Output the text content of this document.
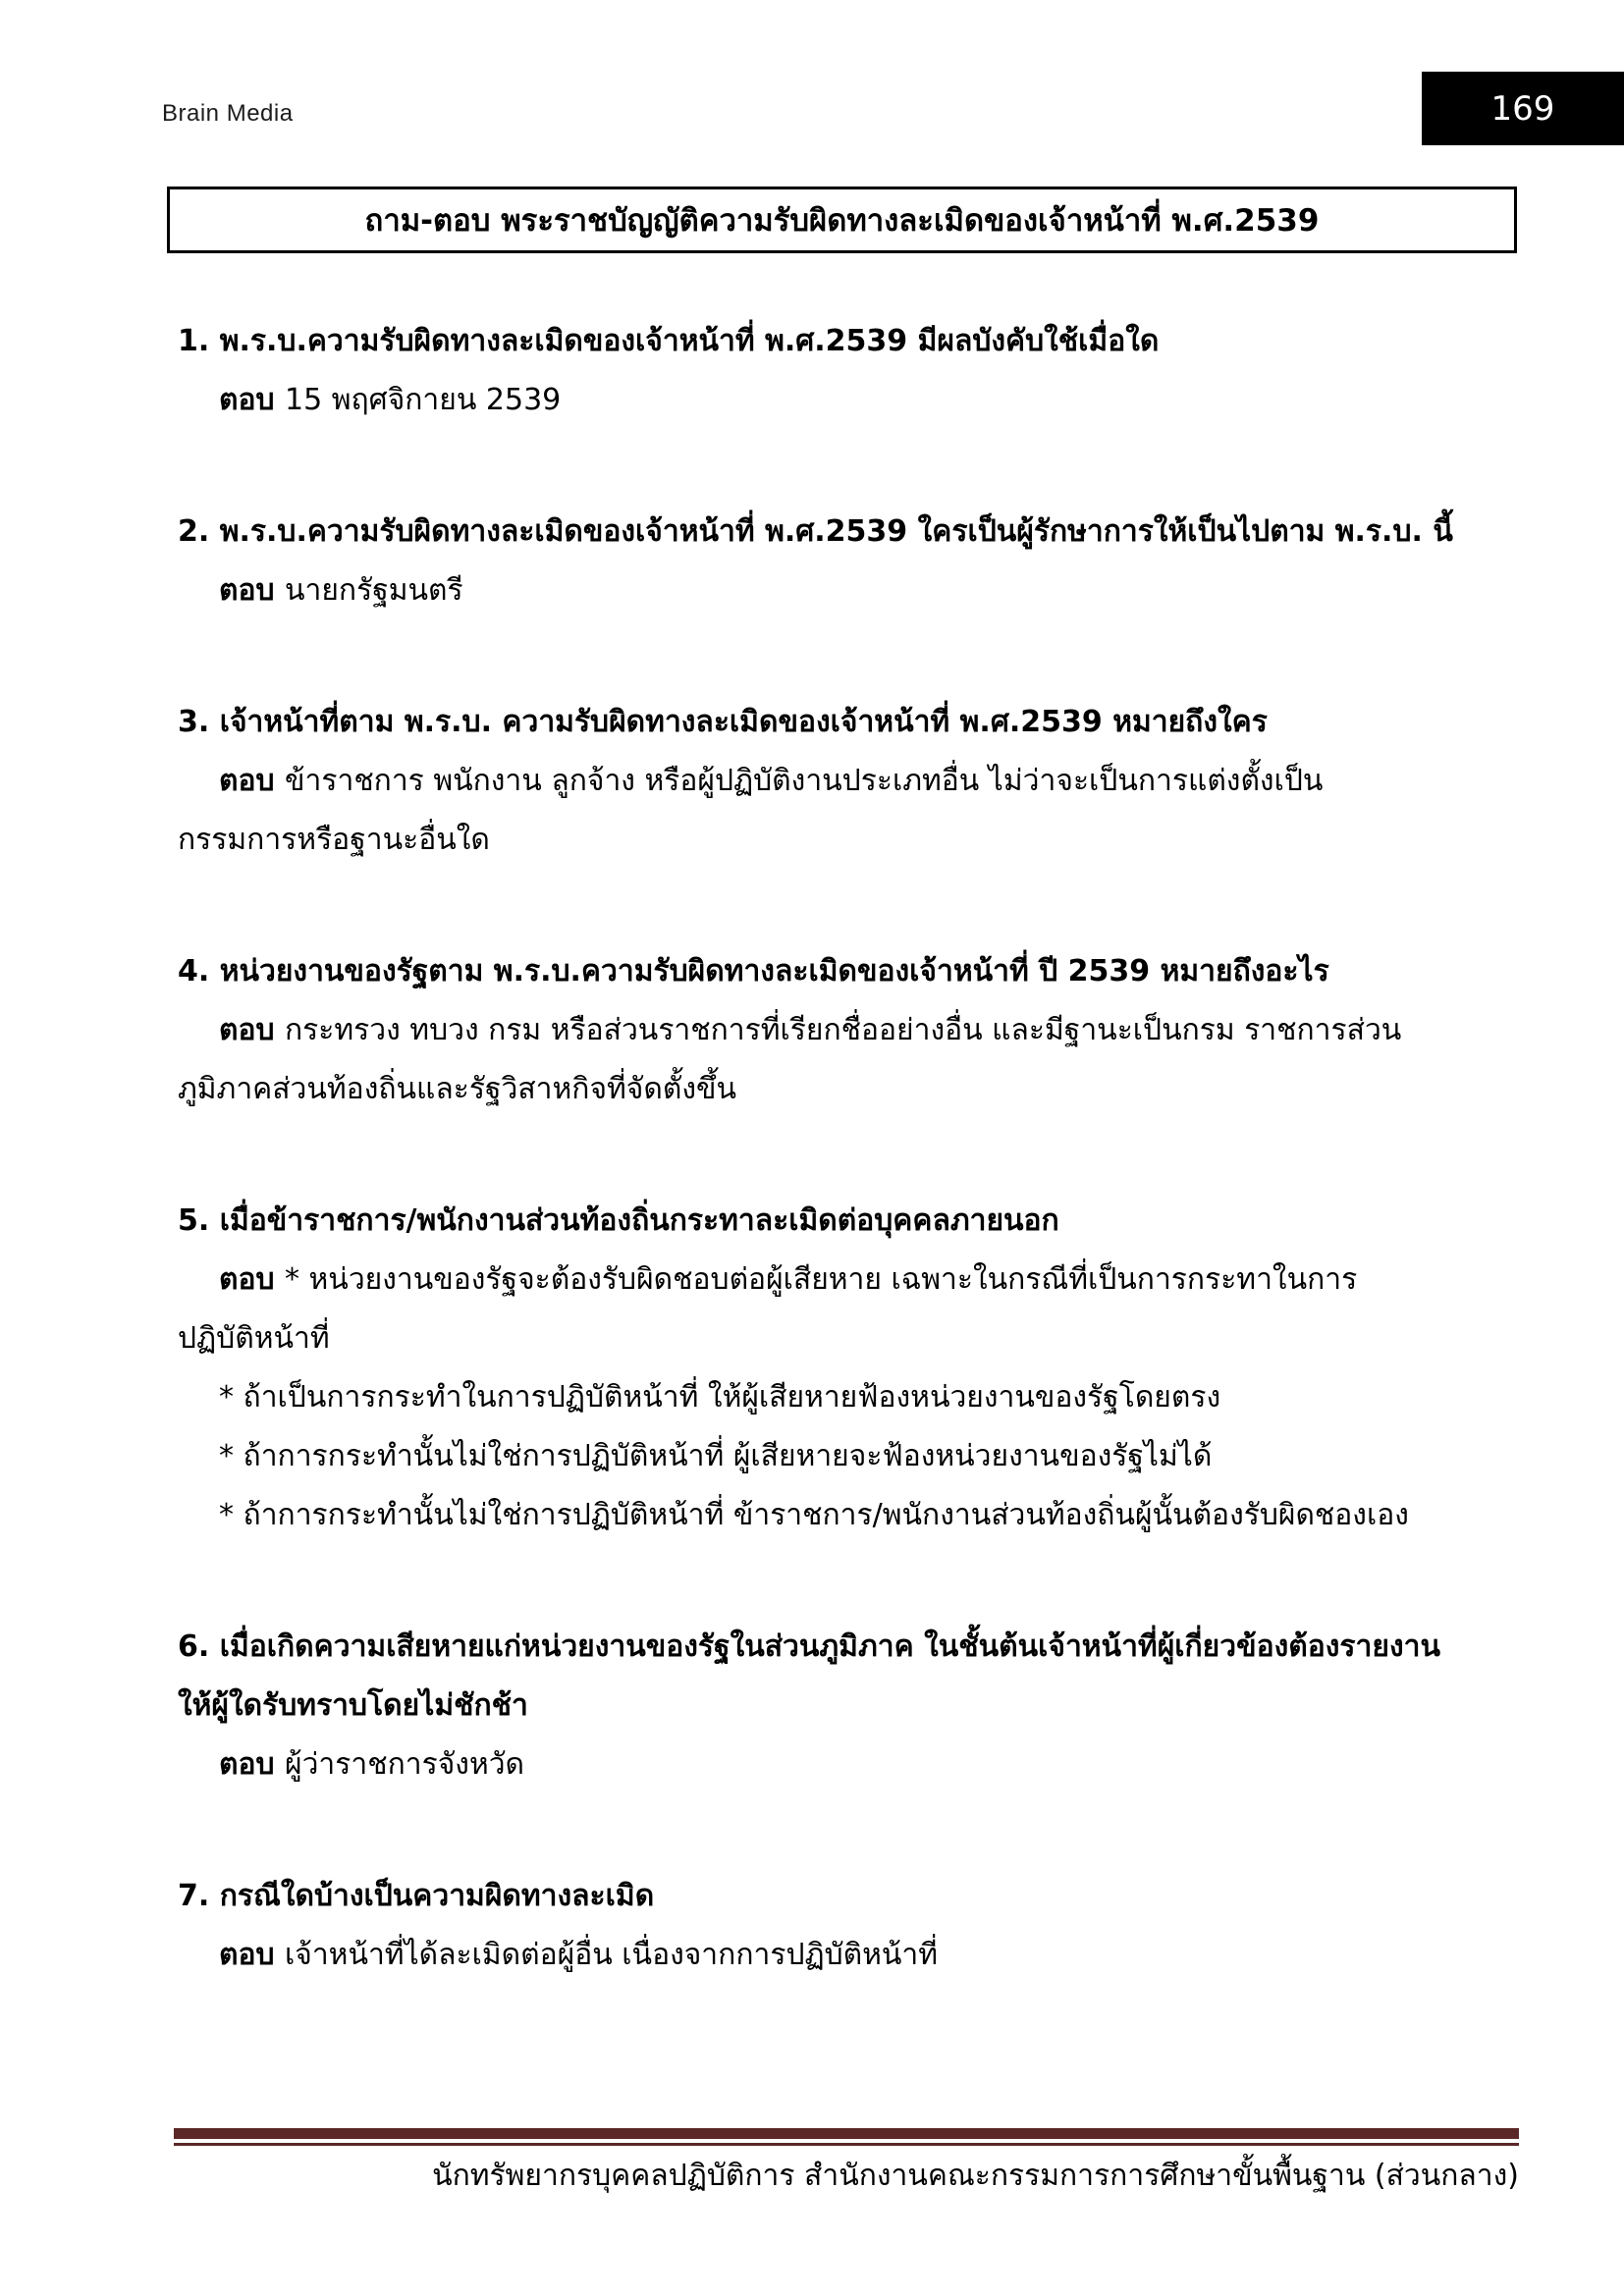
Brain Media	169
ถาม-ตอบ พระราชบัญญัติความรับผิดทางละเมิดของเจ้าหน้าที่ พ.ศ.2539
1. พ.ร.บ.ความรับผิดทางละเมิดของเจ้าหน้าที่ พ.ศ.2539 มีผลบังคับใช้เมื่อใด
ตอบ 15 พฤศจิกายน 2539
2. พ.ร.บ.ความรับผิดทางละเมิดของเจ้าหน้าที่ พ.ศ.2539 ใครเป็นผู้รักษาการให้เป็นไปตาม พ.ร.บ. นี้
ตอบ นายกรัฐมนตรี
3. เจ้าหน้าที่ตาม พ.ร.บ. ความรับผิดทางละเมิดของเจ้าหน้าที่ พ.ศ.2539 หมายถึงใคร
ตอบ ข้าราชการ พนักงาน ลูกจ้าง หรือผู้ปฏิบัติงานประเภทอื่น ไม่ว่าจะเป็นการแต่งตั้งเป็น
กรรมการหรือฐานะอื่นใด
4. หน่วยงานของรัฐตาม พ.ร.บ.ความรับผิดทางละเมิดของเจ้าหน้าที่ ปี 2539 หมายถึงอะไร
ตอบ กระทรวง ทบวง กรม หรือส่วนราชการที่เรียกชื่ออย่างอื่น และมีฐานะเป็นกรม ราชการส่วน
ภูมิภาคส่วนท้องถิ่นและรัฐวิสาหกิจที่จัดตั้งขึ้น
5. เมื่อข้าราชการ/พนักงานส่วนท้องถิ่นกระทาละเมิดต่อบุคคลภายนอก
ตอบ * หน่วยงานของรัฐจะต้องรับผิดชอบต่อผู้เสียหาย เฉพาะในกรณีที่เป็นการกระทาในการ
ปฏิบัติหน้าที่
* ถ้าเป็นการกระทำในการปฏิบัติหน้าที่ ให้ผู้เสียหายฟ้องหน่วยงานของรัฐโดยตรง
* ถ้าการกระทำนั้นไม่ใช่การปฏิบัติหน้าที่ ผู้เสียหายจะฟ้องหน่วยงานของรัฐไม่ได้
* ถ้าการกระทำนั้นไม่ใช่การปฏิบัติหน้าที่ ข้าราชการ/พนักงานส่วนท้องถิ่นผู้นั้นต้องรับผิดชองเอง
6. เมื่อเกิดความเสียหายแก่หน่วยงานของรัฐในส่วนภูมิภาค ในชั้นต้นเจ้าหน้าที่ผู้เกี่ยวข้องต้องรายงาน
ให้ผู้ใดรับทราบโดยไม่ชักช้า
ตอบ ผู้ว่าราชการจังหวัด
7. กรณีใดบ้างเป็นความผิดทางละเมิด
ตอบ เจ้าหน้าที่ได้ละเมิดต่อผู้อื่น เนื่องจากการปฏิบัติหน้าที่
นักทรัพยากรบุคคลปฏิบัติการ สำนักงานคณะกรรมการการศึกษาขั้นพื้นฐาน (ส่วนกลาง)
